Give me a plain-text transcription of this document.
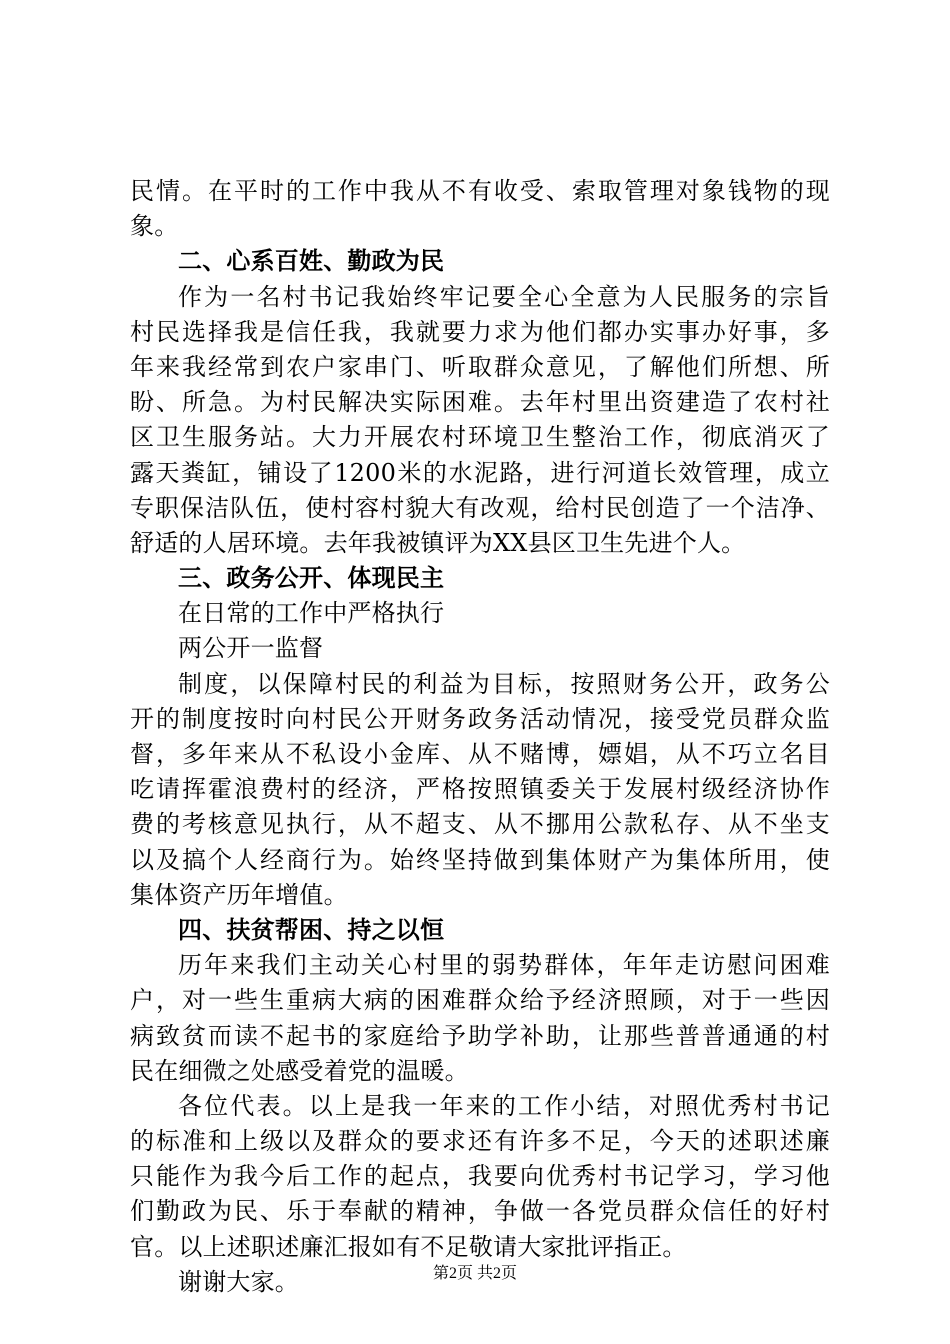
民情。在平时的工作中我从不有收受、索取管理对象钱物的现
象。
二、心系百姓、勤政为民
作为一名村书记我始终牢记要全心全意为人民服务的宗旨
村民选择我是信任我，我就要力求为他们都办实事办好事，多
年来我经常到农户家串门、听取群众意见，了解他们所想、所
盼、所急。为村民解决实际困难。去年村里出资建造了农村社
区卫生服务站。大力开展农村环境卫生整治工作，彻底消灭了
露天粪缸，铺设了1200米的水泥路，进行河道长效管理，成立
专职保洁队伍，使村容村貌大有改观，给村民创造了一个洁净、
舒适的人居环境。去年我被镇评为XX县区卫生先进个人。
三、政务公开、体现民主
在日常的工作中严格执行
两公开一监督
制度，以保障村民的利益为目标，按照财务公开，政务公
开的制度按时向村民公开财务政务活动情况，接受党员群众监
督，多年来从不私设小金库、从不赌博，嫖娼，从不巧立名目
吃请挥霍浪费村的经济，严格按照镇委关于发展村级经济协作
费的考核意见执行，从不超支、从不挪用公款私存、从不坐支
以及搞个人经商行为。始终坚持做到集体财产为集体所用，使
集体资产历年增值。
四、扶贫帮困、持之以恒
历年来我们主动关心村里的弱势群体，年年走访慰问困难
户，对一些生重病大病的困难群众给予经济照顾，对于一些因
病致贫而读不起书的家庭给予助学补助，让那些普普通通的村
民在细微之处感受着党的温暖。
各位代表。以上是我一年来的工作小结，对照优秀村书记
的标准和上级以及群众的要求还有许多不足，今天的述职述廉
只能作为我今后工作的起点，我要向优秀村书记学习，学习他
们勤政为民、乐于奉献的精神，争做一各党员群众信任的好村
官。以上述职述廉汇报如有不足敬请大家批评指正。
谢谢大家。	第2页 共2页
